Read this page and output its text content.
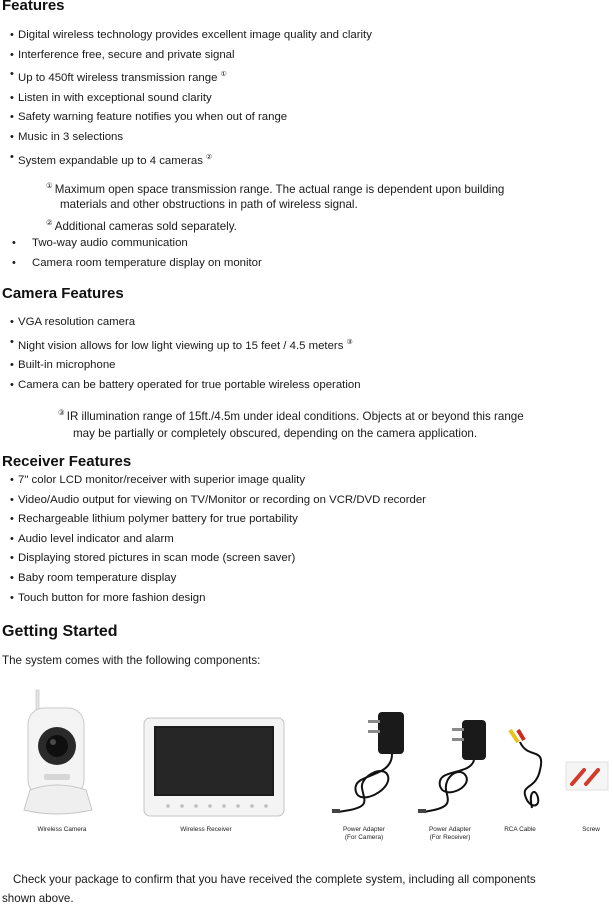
Features
• Digital wireless technology provides excellent image quality and clarity
• Interference free, secure and private signal
• Up to 450ft wireless transmission range ①
• Listen in with exceptional sound clarity
• Safety warning feature notifies you when out of range
• Music in 3 selections
• System expandable up to 4 cameras ②
① Maximum open space transmission range. The actual range is dependent upon building
materials and other obstructions in path of wireless signal.
② Additional cameras sold separately.
• Two-way audio communication
• Camera room temperature display on monitor
Camera Features
• VGA resolution camera
• Night vision allows for low light viewing up to 15 feet / 4.5 meters ③
• Built-in microphone
• Camera can be battery operated for true portable wireless operation
③ IR illumination range of 15ft./4.5m under ideal conditions. Objects at or beyond this range
may be partially or completely obscured, depending on the camera application.
Receiver Features
• 7" color LCD monitor/receiver with superior image quality
• Video/Audio output for viewing on TV/Monitor or recording on VCR/DVD recorder
• Rechargeable lithium polymer battery for true portability
• Audio level indicator and alarm
• Displaying stored pictures in scan mode (screen saver)
• Baby room temperature display
• Touch button for more fashion design
Getting Started
The system comes with the following components:
Wireless Camera	Wireless Receiver	Power Adapter
(For Camera)
Power Adapter
(For Receiver)
RCA Cable	Screw
Check your package to confirm that you have received the complete system, including all components
shown above.
